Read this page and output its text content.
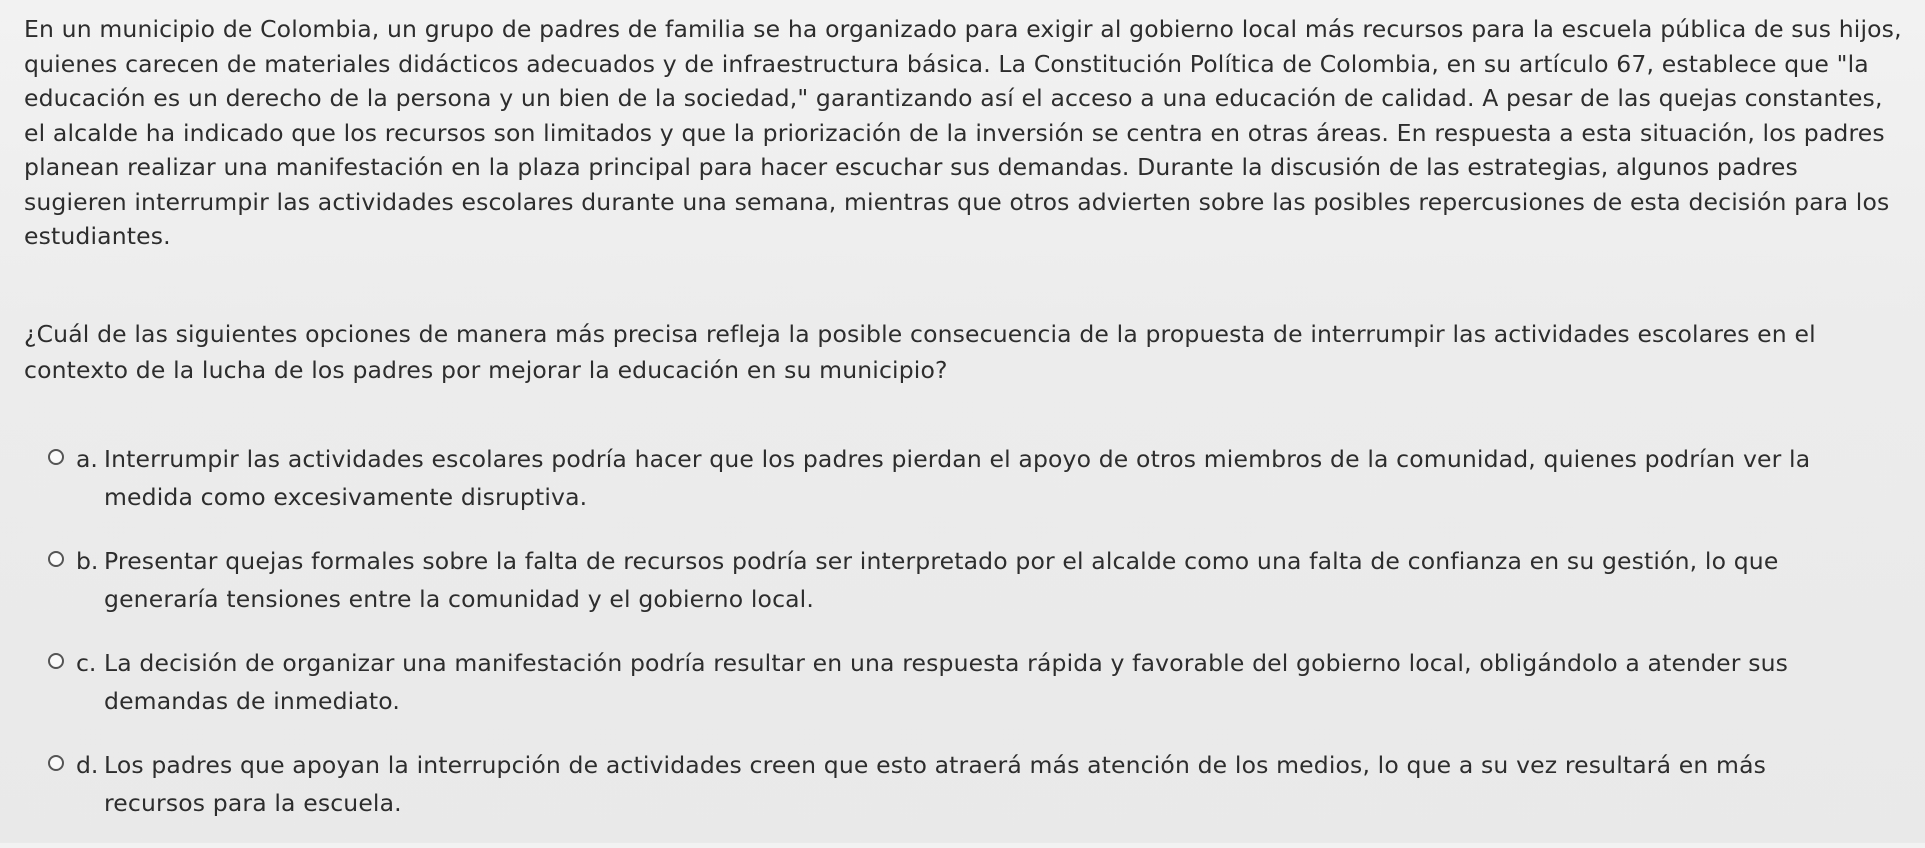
En un municipio de Colombia, un grupo de padres de familia se ha organizado para exigir al gobierno local más recursos para la escuela pública de sus hijos, quienes carecen de materiales didácticos adecuados y de infraestructura básica. La Constitución Política de Colombia, en su artículo 67, establece que "la educación es un derecho de la persona y un bien de la sociedad," garantizando así el acceso a una educación de calidad. A pesar de las quejas constantes, el alcalde ha indicado que los recursos son limitados y que la priorización de la inversión se centra en otras áreas. En respuesta a esta situación, los padres planean realizar una manifestación en la plaza principal para hacer escuchar sus demandas. Durante la discusión de las estrategias, algunos padres sugieren interrumpir las actividades escolares durante una semana, mientras que otros advierten sobre las posibles repercusiones de esta decisión para los estudiantes.

¿Cuál de las siguientes opciones de manera más precisa refleja la posible consecuencia de la propuesta de interrumpir las actividades escolares en el contexto de la lucha de los padres por mejorar la educación en su municipio?

a. Interrumpir las actividades escolares podría hacer que los padres pierdan el apoyo de otros miembros de la comunidad, quienes podrían ver la medida como excesivamente disruptiva.
b. Presentar quejas formales sobre la falta de recursos podría ser interpretado por el alcalde como una falta de confianza en su gestión, lo que generaría tensiones entre la comunidad y el gobierno local.
c. La decisión de organizar una manifestación podría resultar en una respuesta rápida y favorable del gobierno local, obligándolo a atender sus demandas de inmediato.
d. Los padres que apoyan la interrupción de actividades creen que esto atraerá más atención de los medios, lo que a su vez resultará en más recursos para la escuela.
